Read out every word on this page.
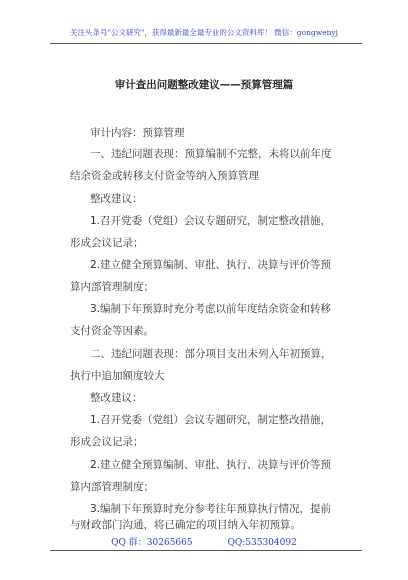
关注头条号"公文研究"，获得最新最全最专业的公文资料库！ 微信：gongwenyj
审计查出问题整改建议——预算管理篇
审计内容：预算管理
一、违纪问题表现：预算编制不完整，未将以前年度
结余资金或转移支付资金等纳入预算管理
整改建议：
1.召开党委（党组）会议专题研究，制定整改措施，
形成会议记录；
2.建立健全预算编制、审批、执行、决算与评价等预
算内部管理制度；
3.编制下年预算时充分考虑以前年度结余资金和转移
支付资金等因素。
二、违纪问题表现：部分项目支出未列入年初预算，
执行中追加额度较大
整改建议：
1.召开党委（党组）会议专题研究，制定整改措施，
形成会议记录；
2.建立健全预算编制、审批、执行、决算与评价等预
算内部管理制度；
3.编制下年预算时充分参考往年预算执行情况，提前
与财政部门沟通，将已确定的项目纳入年初预算。
QQ 群：30265665	QQ:535304092
